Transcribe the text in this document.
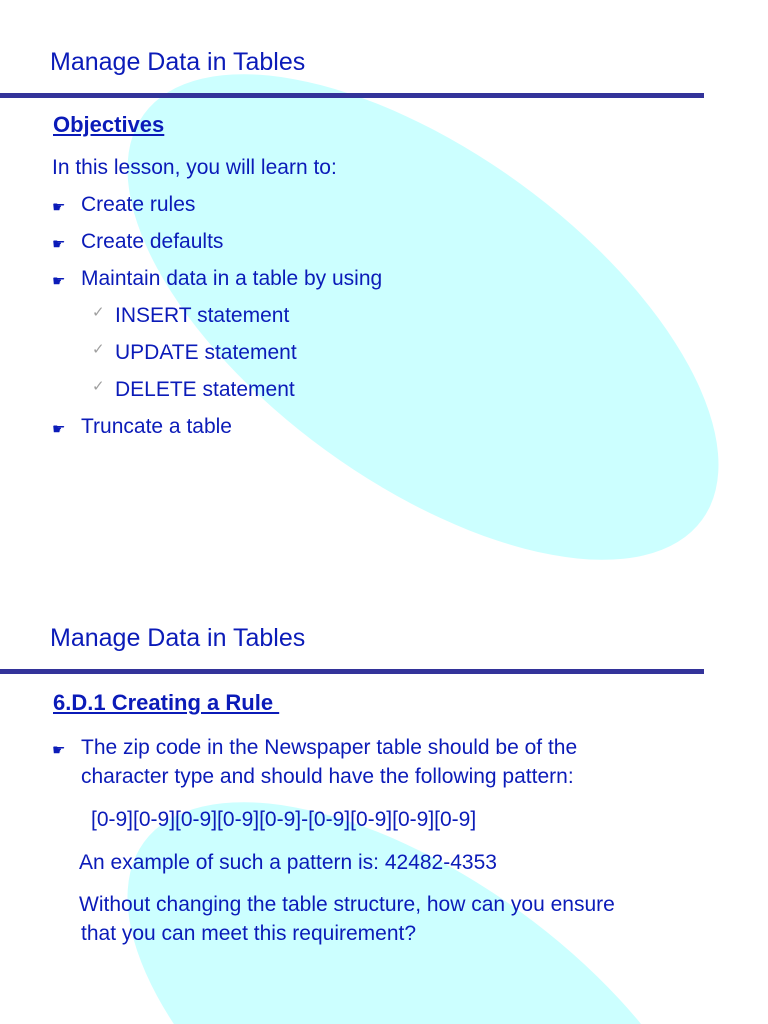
Manage Data in Tables
Objectives
In this lesson, you will learn to:
☛ Create rules
☛ Create defaults
☛ Maintain data in a table by using
✓ INSERT statement
✓ UPDATE statement
✓ DELETE statement
☛ Truncate a table
Manage Data in Tables
6.D.1 Creating a Rule
☛ The zip code in the Newspaper table should be of the
character type and should have the following pattern:
[0-9][0-9][0-9][0-9][0-9]-[0-9][0-9][0-9][0-9]
An example of such a pattern is: 42482-4353
Without changing the table structure, how can you ensure
that you can meet this requirement?
